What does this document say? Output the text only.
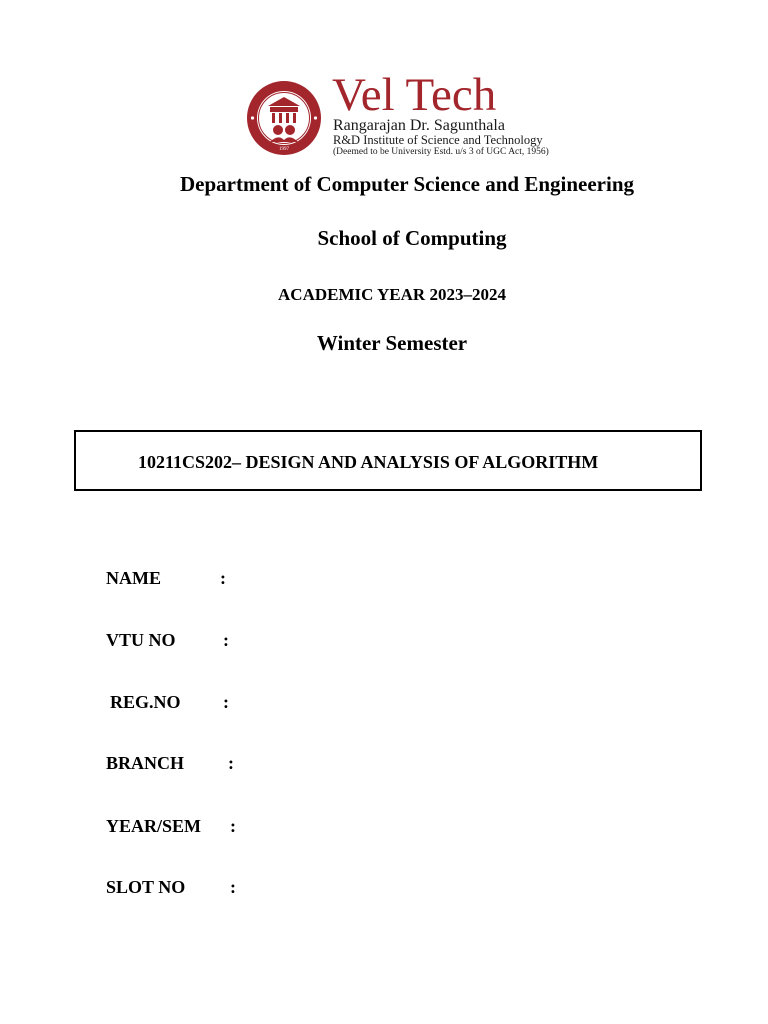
1997
Vel Tech
Rangarajan Dr. Sagunthala
R&D Institute of Science and Technology
(Deemed to be University Estd. u/s 3 of UGC Act, 1956)
Department of Computer Science and Engineering
School of Computing
ACADEMIC YEAR 2023–2024
Winter Semester
10211CS202– DESIGN AND ANALYSIS OF ALGORITHM
NAME	:
VTU NO	:
REG.NO :
BRANCH :
YEAR/SEM :
SLOT NO :
